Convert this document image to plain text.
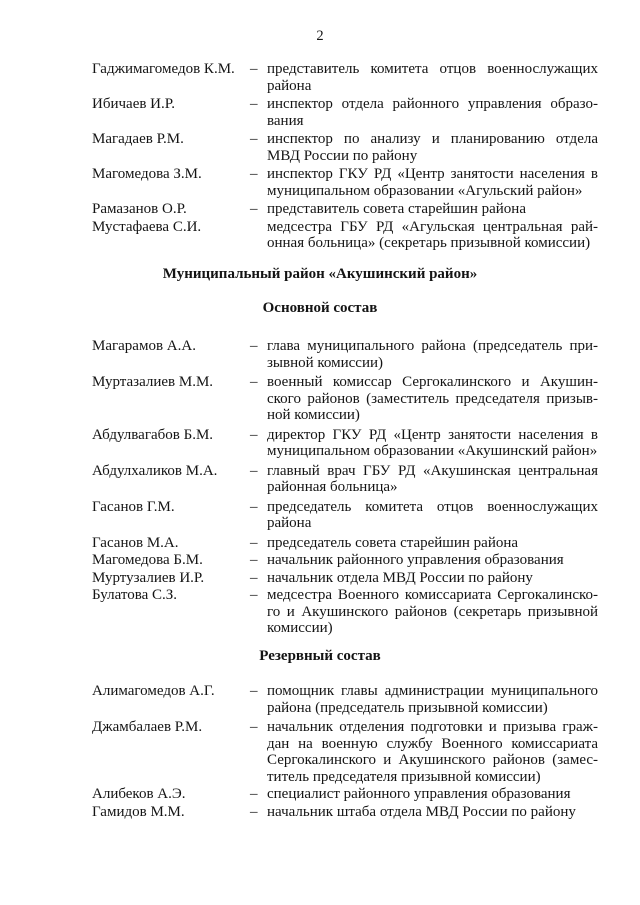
2
Гаджимагомедов К.М. – представитель комитета отцов военнослужащих района
Ибичаев И.Р.	– инспектор отдела районного управления образо-вания
Магадаев Р.М.	– инспектор по анализу и планированию отдела МВД России по району
Магомедова З.М.	– инспектор ГКУ РД «Центр занятости населения в муниципальном образовании «Агульский район»
Рамазанов О.Р.	– представитель совета старейшин района
Мустафаева С.И.	медсестра ГБУ РД «Агульская центральная рай-онная больница» (секретарь призывной комиссии)
Муниципальный район «Акушинский район»
Основной состав
Магарамов А.А.	– глава муниципального района (председатель при-зывной комиссии)
Муртазалиев М.М. – военный комиссар Сергокалинского и Акушин-ского районов (заместитель председателя призыв-ной комиссии)
Абдулвагабов Б.М. – директор ГКУ РД «Центр занятости населения в муниципальном образовании «Акушинский район»
Абдулхаликов М.А. – главный врач ГБУ РД «Акушинская центральная районная больница»
Гасанов Г.М.	– председатель комитета отцов военнослужащих района
Гасанов М.А.	– председатель совета старейшин района
Магомедова Б.М.	– начальник районного управления образования
Муртузалиев И.Р.	– начальник отдела МВД России по району
Булатова С.З.	– медсестра Военного комиссариата Сергокалинско-го и Акушинского районов (секретарь призывной комиссии)
Резервный состав
Алимагомедов А.Г. – помощник главы администрации муниципального района (председатель призывной комиссии)
Джамбалаев Р.М.	– начальник отделения подготовки и призыва граж-дан на военную службу Военного комиссариата Сергокалинского и Акушинского районов (замес-титель председателя призывной комиссии)
Алибеков А.Э.	– специалист районного управления образования
Гамидов М.М.	– начальник штаба отдела МВД России по району
